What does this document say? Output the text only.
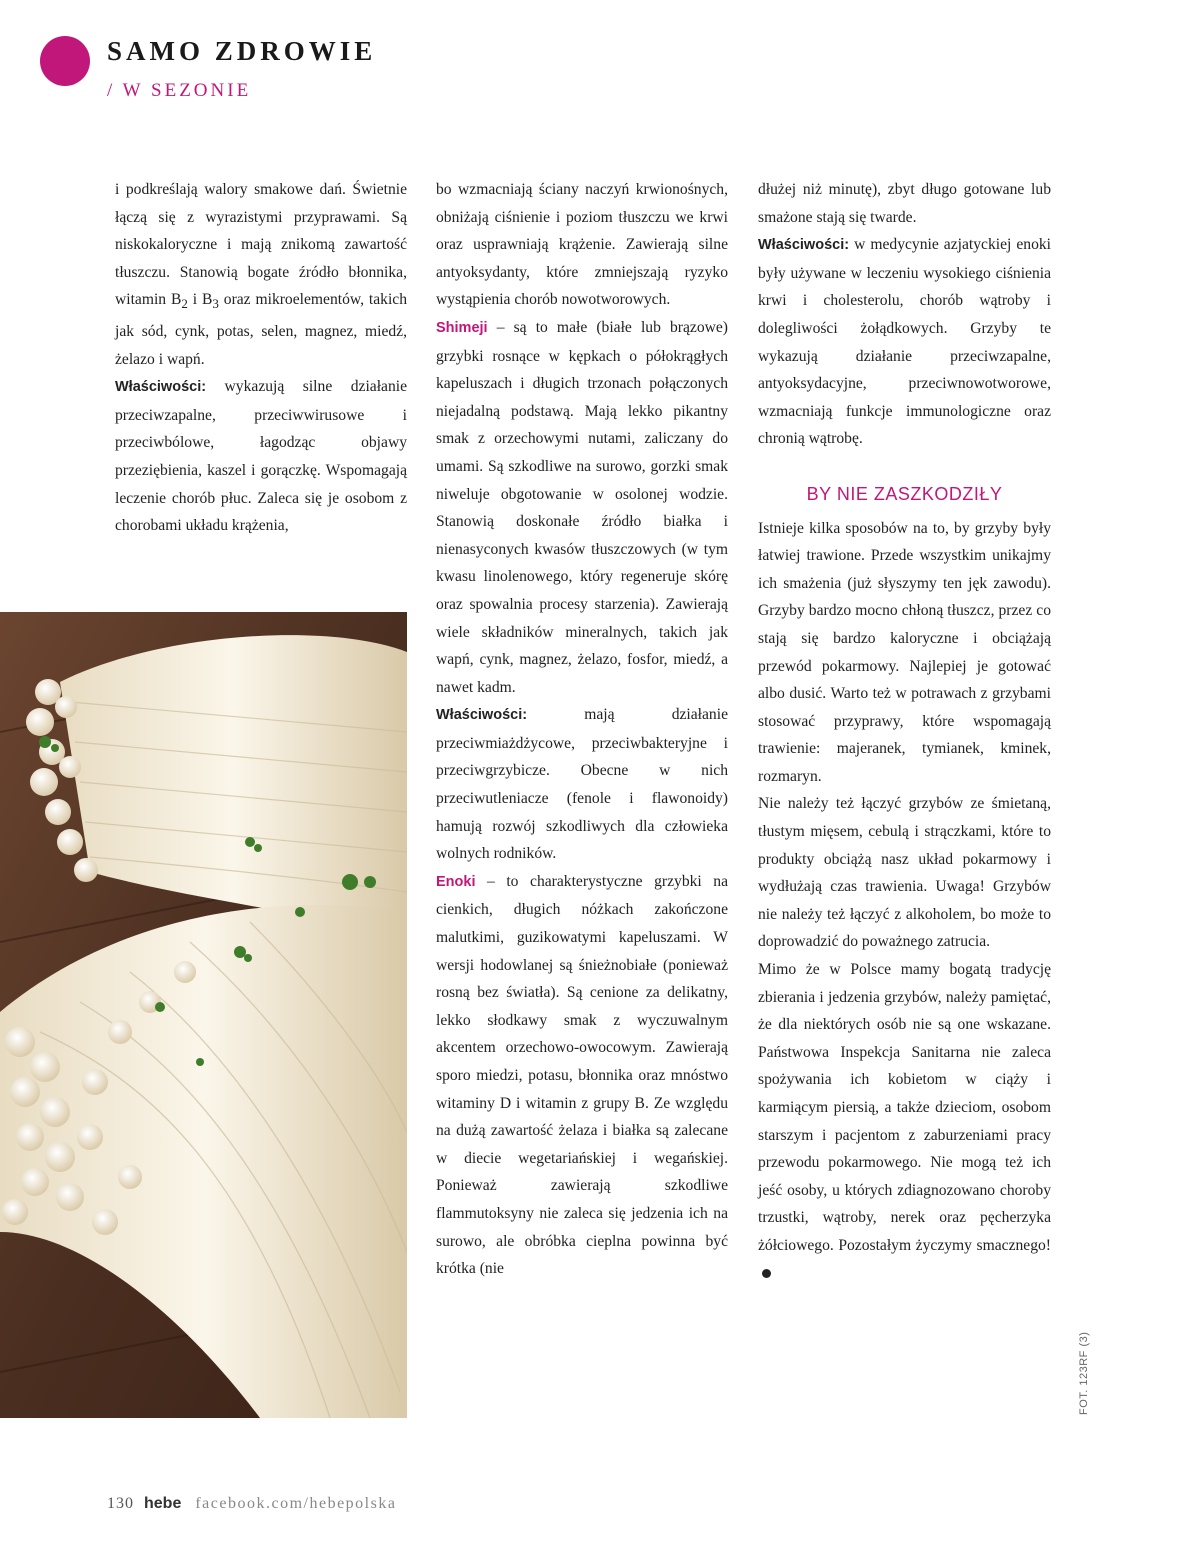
SAMO ZDROWIE
/ W SEZONIE

i podkreślają walory smakowe dań. Świetnie łączą się z wyrazistymi przyprawami. Są niskokaloryczne i mają znikomą zawartość tłuszczu. Stanowią bogate źródło błonnika, witamin $B_2$ i $B_3$ oraz mikroelementów, takich jak sód, cynk, potas, selen, magnez, miedź, żelazo i wapń.

Właściwości: wykazują silne działanie przeciwzapalne, przeciwwirusowe i przeciwbólowe, łagodząc objawy przeziębienia, kaszel i gorączkę. Wspomagają leczenie chorób płuc. Zaleca się je osobom z chorobami układu krążenia,

bo wzmacniają ściany naczyń krwionośnych, obniżają ciśnienie i poziom tłuszczu we krwi oraz usprawniają krążenie. Zawierają silne antyoksydanty, które zmniejszają ryzyko wystąpienia chorób nowotworowych.

Shimeji – są to małe (białe lub brązowe) grzybki rosnące w kępkach o półokrągłych kapeluszach i długich trzonach połączonych niejadalną podstawą. Mają lekko pikantny smak z orzechowymi nutami, zaliczany do umami. Są szkodliwe na surowo, gorzki smak niweluje obgotowanie w osolonej wodzie. Stanowią doskonałe źródło białka i nienasyconych kwasów tłuszczowych (w tym kwasu linolenowego, który regeneruje skórę oraz spowalnia procesy starzenia). Zawierają wiele składników mineralnych, takich jak wapń, cynk, magnez, żelazo, fosfor, miedź, a nawet kadm.

Właściwości: mają działanie przeciwmiażdżycowe, przeciwbakteryjne i przeciwgrzybicze. Obecne w nich przeciwutleniacze (fenole i flawonoidy) hamują rozwój szkodliwych dla człowieka wolnych rodników.

Enoki – to charakterystyczne grzybki na cienkich, długich nóżkach zakończone malutkimi, guzikowatymi kapeluszami. W wersji hodowlanej są śnieżnobiałe (ponieważ rosną bez światła). Są cenione za delikatny, lekko słodkawy smak z wyczuwalnym akcentem orzechowo-owocowym. Zawierają sporo miedzi, potasu, błonnika oraz mnóstwo witaminy D i witamin z grupy B. Ze względu na dużą zawartość żelaza i białka są zalecane w diecie wegetariańskiej i wegańskiej. Ponieważ zawierają szkodliwe flammutoksyny nie zaleca się jedzenia ich na surowo, ale obróbka cieplna powinna być krótka (nie

dłużej niż minutę), zbyt długo gotowane lub smażone stają się twarde.

Właściwości: w medycynie azjatyckiej enoki były używane w leczeniu wysokiego ciśnienia krwi i cholesterolu, chorób wątroby i dolegliwości żołądkowych. Grzyby te wykazują działanie przeciwzapalne, antyoksydacyjne, przeciwnowotworowe, wzmacniają funkcje immunologiczne oraz chronią wątrobę.

BY NIE ZASZKODZIŁY

Istnieje kilka sposobów na to, by grzyby były łatwiej trawione. Przede wszystkim unikajmy ich smażenia (już słyszymy ten jęk zawodu). Grzyby bardzo mocno chłoną tłuszcz, przez co stają się bardzo kaloryczne i obciążają przewód pokarmowy. Najlepiej je gotować albo dusić. Warto też w potrawach z grzybami stosować przyprawy, które wspomagają trawienie: majeranek, tymianek, kminek, rozmaryn.

Nie należy też łączyć grzybów ze śmietaną, tłustym mięsem, cebulą i strączkami, które to produkty obciążą nasz układ pokarmowy i wydłużają czas trawienia. Uwaga! Grzybów nie należy też łączyć z alkoholem, bo może to doprowadzić do poważnego zatrucia.

Mimo że w Polsce mamy bogatą tradycję zbierania i jedzenia grzybów, należy pamiętać, że dla niektórych osób nie są one wskazane. Państwowa Inspekcja Sanitarna nie zaleca spożywania ich kobietom w ciąży i karmiącym piersią, a także dzieciom, osobom starszym i pacjentom z zaburzeniami pracy przewodu pokarmowego. Nie mogą też ich jeść osoby, u których zdiagnozowano choroby trzustki, wątroby, nerek oraz pęcherzyka żółciowego. Pozostałym życzymy smacznego!

FOT. 123RF (3)
130 hebe facebook.com/hebepolska
